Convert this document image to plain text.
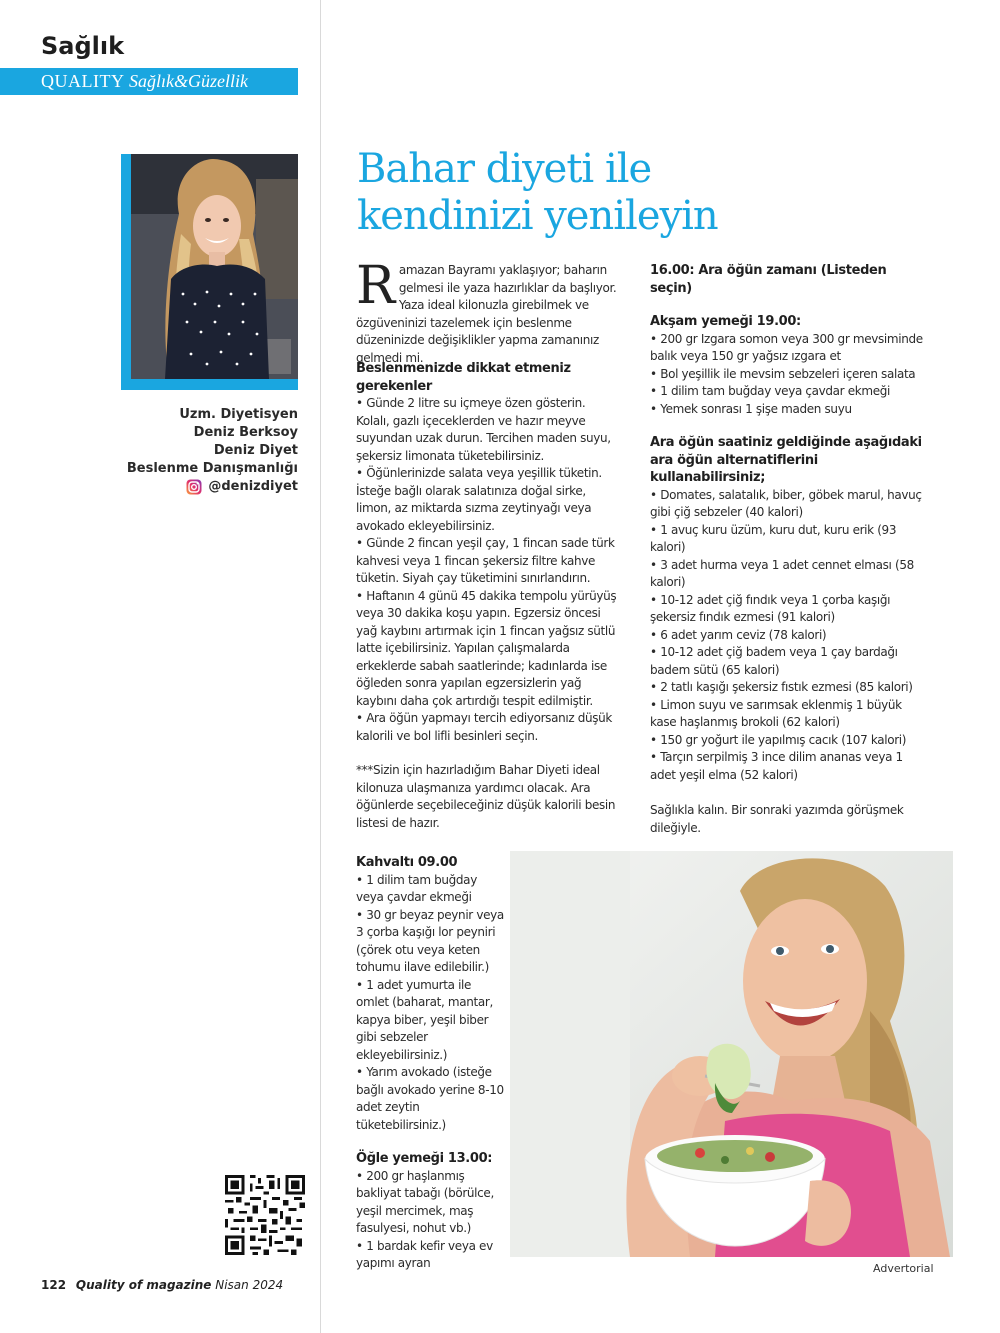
Sağlık
QUALITY Sağlık&Güzellik
Uzm. Diyetisyen
Deniz Berksoy
Deniz Diyet
Beslenme Danışmanlığı
@denizdiyet
Bahar diyeti ile
kendinizi yenileyin
R amazan Bayramı yaklaşıyor; baharın gelmesi ile yaza hazırlıklar da başlıyor. Yaza ideal kilonuzla girebilmek ve özgüveninizi tazelemek için beslenme düzeninizde değişiklikler yapma zamanınız gelmedi mi.

Beslenmenizde dikkat etmeniz gerekenler

• Günde 2 litre su içmeye özen gösterin. Kolalı, gazlı içeceklerden ve hazır meyve suyundan uzak durun. Tercihen maden suyu, şekersiz limonata tüketebilirsiniz.

• Öğünlerinizde salata veya yeşillik tüketin. İsteğe bağlı olarak salatınıza doğal sirke, limon, az miktarda sızma zeytinyağı veya avokado ekleyebilirsiniz.

• Günde 2 fincan yeşil çay, 1 fincan sade türk kahvesi veya 1 fincan şekersiz filtre kahve tüketin. Siyah çay tüketimini sınırlandırın.

• Haftanın 4 günü 45 dakika tempolu yürüyüş veya 30 dakika koşu yapın. Egzersiz öncesi yağ kaybını artırmak için 1 fincan yağsız sütlü latte içebilirsiniz. Yapılan çalışmalarda erkeklerde sabah saatlerinde; kadınlarda ise öğleden sonra yapılan egzersizlerin yağ kaybını daha çok artırdığı tespit edilmiştir.

• Ara öğün yapmayı tercih ediyorsanız düşük kalorili ve bol lifli besinleri seçin.

***Sizin için hazırladığım Bahar Diyeti ideal kilonuza ulaşmanıza yardımcı olacak. Ara öğünlerde seçebileceğiniz düşük kalorili besin listesi de hazır.

16.00: Ara öğün zamanı (Listeden seçin)

Akşam yemeği 19.00:

• 200 gr Izgara somon veya 300 gr mevsiminde balık veya 150 gr yağsız ızgara et

• Bol yeşillik ile mevsim sebzeleri içeren salata

• 1 dilim tam buğday veya çavdar ekmeği

• Yemek sonrası 1 şişe maden suyu

Ara öğün saatiniz geldiğinde aşağıdaki ara öğün alternatiflerini kullanabilirsiniz;

• Domates, salatalık, biber, göbek marul, havuç gibi çiğ sebzeler (40 kalori)

• 1 avuç kuru üzüm, kuru dut, kuru erik (93 kalori)

• 3 adet hurma veya 1 adet cennet elması (58 kalori)

• 10-12 adet çiğ fındık veya 1 çorba kaşığı şekersiz fındık ezmesi (91 kalori)

• 6 adet yarım ceviz (78 kalori)

• 10-12 adet çiğ badem veya 1 çay bardağı badem sütü (65 kalori)

• 2 tatlı kaşığı şekersiz fıstık ezmesi (85 kalori)

• Limon suyu ve sarımsak eklenmiş 1 büyük kase haşlanmış brokoli (62 kalori)

• 150 gr yoğurt ile yapılmış cacık (107 kalori)

• Tarçın serpilmiş 3 ince dilim ananas veya 1 adet yeşil elma (52 kalori)

Sağlıkla kalın. Bir sonraki yazımda görüşmek dileğiyle.

Kahvaltı 09.00

• 1 dilim tam buğday veya çavdar ekmeği

• 30 gr beyaz peynir veya 3 çorba kaşığı lor peyniri (çörek otu veya keten tohumu ilave edilebilir.)

• 1 adet yumurta ile omlet (baharat, mantar, kapya biber, yeşil biber gibi sebzeler ekleyebilirsiniz.)

• Yarım avokado (isteğe bağlı avokado yerine 8-10 adet zeytin tüketebilirsiniz.)

Öğle yemeği 13.00:

• 200 gr haşlanmış bakliyat tabağı (börülce, yeşil mercimek, maş fasulyesi, nohut vb.)

• 1 bardak kefir veya ev yapımı ayran	Advertorial
122 Quality of magazine Nisan 2024
